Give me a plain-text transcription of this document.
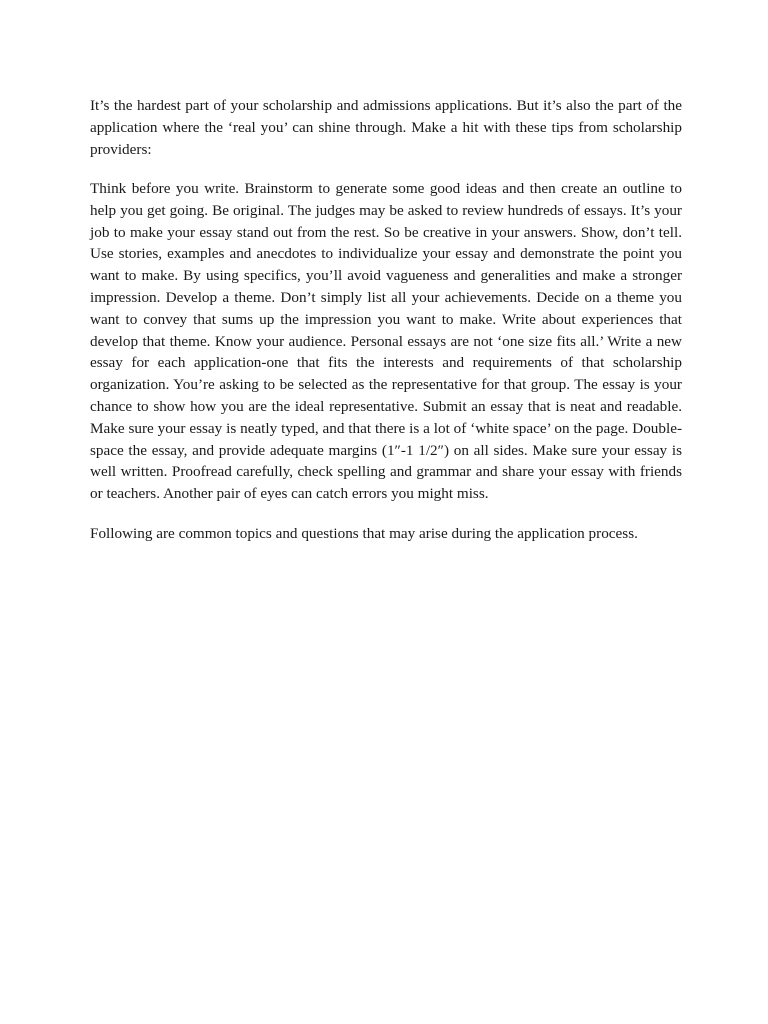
It’s the hardest part of your scholarship and admissions applications. But it’s also the part of the
application where the ‘real you’ can shine through. Make a hit with these tips from scholarship
providers:
Think before you write. Brainstorm to generate some good ideas and then create an outline to
help you get going. Be original. The judges may be asked to review hundreds of essays. It’s your
job to make your essay stand out from the rest. So be creative in your answers. Show, don’t tell.
Use stories, examples and anecdotes to individualize your essay and demonstrate the point you
want to make. By using specifics, you’ll avoid vagueness and generalities and make a stronger
impression. Develop a theme. Don’t simply list all your achievements. Decide on a theme you
want to convey that sums up the impression you want to make. Write about experiences that
develop that theme. Know your audience. Personal essays are not ‘one size fits all.’ Write a new
essay for each application-one that fits the interests and requirements of that scholarship
organization. You’re asking to be selected as the representative for that group. The essay is your
chance to show how you are the ideal representative. Submit an essay that is neat and readable.
Make sure your essay is neatly typed, and that there is a lot of ‘white space’ on the page. Double-
space the essay, and provide adequate margins (1″-1 1/2″) on all sides. Make sure your essay is
well written. Proofread carefully, check spelling and grammar and share your essay with friends
or teachers. Another pair of eyes can catch errors you might miss.
Following are common topics and questions that may arise during the application process.
